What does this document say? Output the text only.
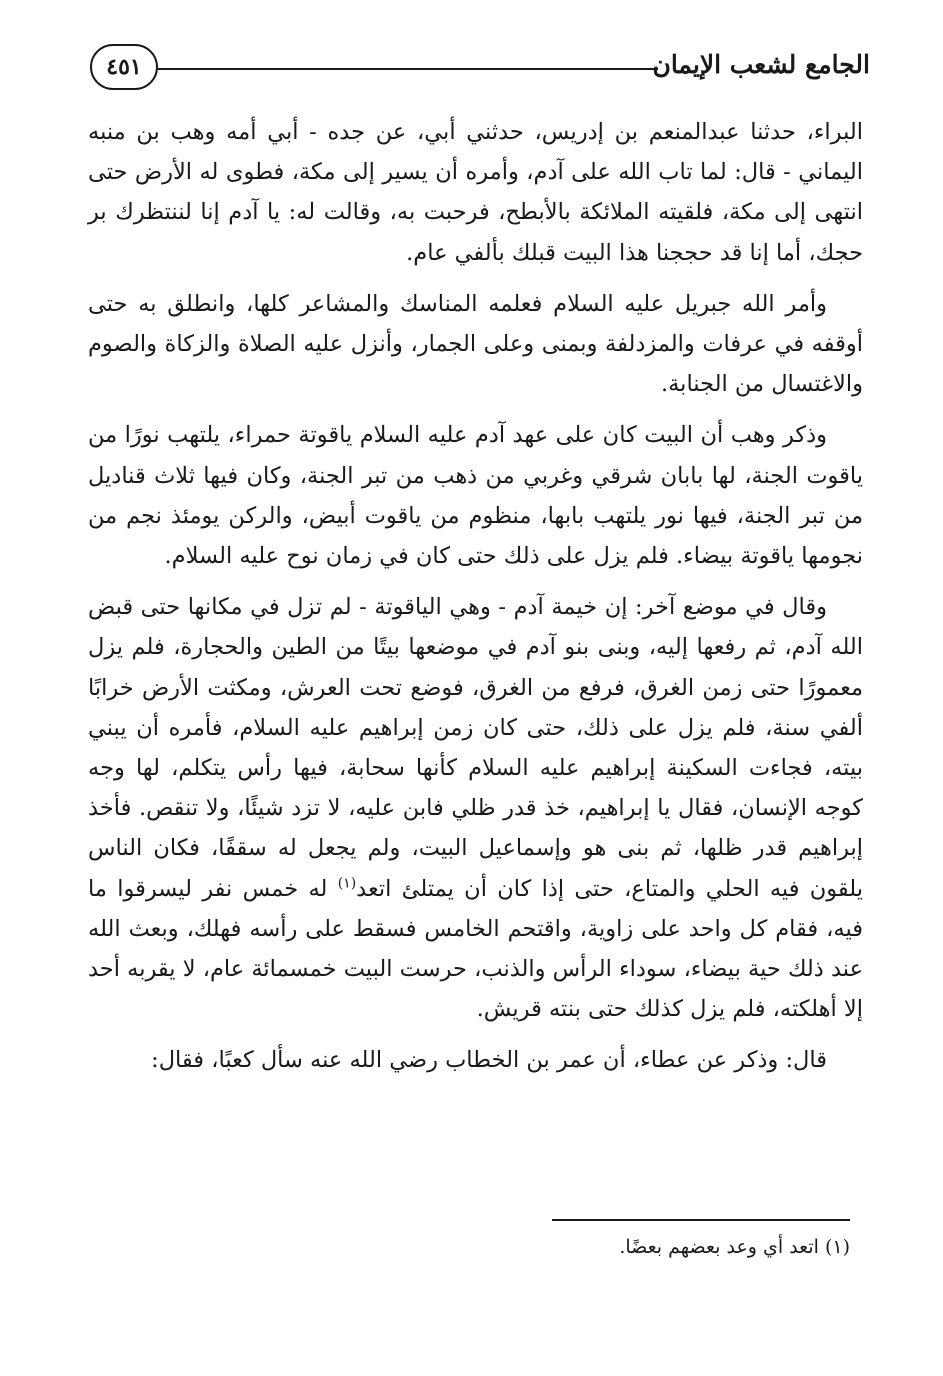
٤٥١	الجامع لشعب الإيمان

البراء، حدثنا عبدالمنعم بن إدريس، حدثني أبي، عن جده - أبي أمه وهب بن منبه اليماني - قال: لما تاب الله على آدم، وأمره أن يسير إلى مكة، فطوى له الأرض حتى انتهى إلى مكة، فلقيته الملائكة بالأبطح، فرحبت به، وقالت له: يا آدم إنا لننتظرك بر حجك، أما إنا قد حججنا هذا البيت قبلك بألفي عام.

وأمر الله جبريل عليه السلام فعلمه المناسك والمشاعر كلها، وانطلق به حتى أوقفه في عرفات والمزدلفة وبمنى وعلى الجمار، وأنزل عليه الصلاة والزكاة والصوم والاغتسال من الجنابة.

وذكر وهب أن البيت كان على عهد آدم عليه السلام ياقوتة حمراء، يلتهب نورًا من ياقوت الجنة، لها بابان شرقي وغربي من ذهب من تبر الجنة، وكان فيها ثلاث قناديل من تبر الجنة، فيها نور يلتهب بابها، منظوم من ياقوت أبيض، والركن يومئذ نجم من نجومها ياقوتة بيضاء. فلم يزل على ذلك حتى كان في زمان نوح عليه السلام.

وقال في موضع آخر: إن خيمة آدم - وهي الياقوتة - لم تزل في مكانها حتى قبض الله آدم، ثم رفعها إليه، وبنى بنو آدم في موضعها بيتًا من الطين والحجارة، فلم يزل معمورًا حتى زمن الغرق، فرفع من الغرق، فوضع تحت العرش، ومكثت الأرض خرابًا ألفي سنة، فلم يزل على ذلك، حتى كان زمن إبراهيم عليه السلام، فأمره أن يبني بيته، فجاءت السكينة إبراهيم عليه السلام كأنها سحابة، فيها رأس يتكلم، لها وجه كوجه الإنسان، فقال يا إبراهيم، خذ قدر ظلي فابن عليه، لا تزد شيئًا، ولا تنقص. فأخذ إبراهيم قدر ظلها، ثم بنى هو وإسماعيل البيت، ولم يجعل له سقفًا، فكان الناس يلقون فيه الحلي والمتاع، حتى إذا كان أن يمتلئ اتعد$^{(١)}$ له خمس نفر ليسرقوا ما فيه، فقام كل واحد على زاوية، واقتحم الخامس فسقط على رأسه فهلك، وبعث الله عند ذلك حية بيضاء، سوداء الرأس والذنب، حرست البيت خمسمائة عام، لا يقربه أحد إلا أهلكته، فلم يزل كذلك حتى بنته قريش.

قال: وذكر عن عطاء، أن عمر بن الخطاب رضي الله عنه سأل كعبًا، فقال:

(١) اتعد أي وعد بعضهم بعضًا.
